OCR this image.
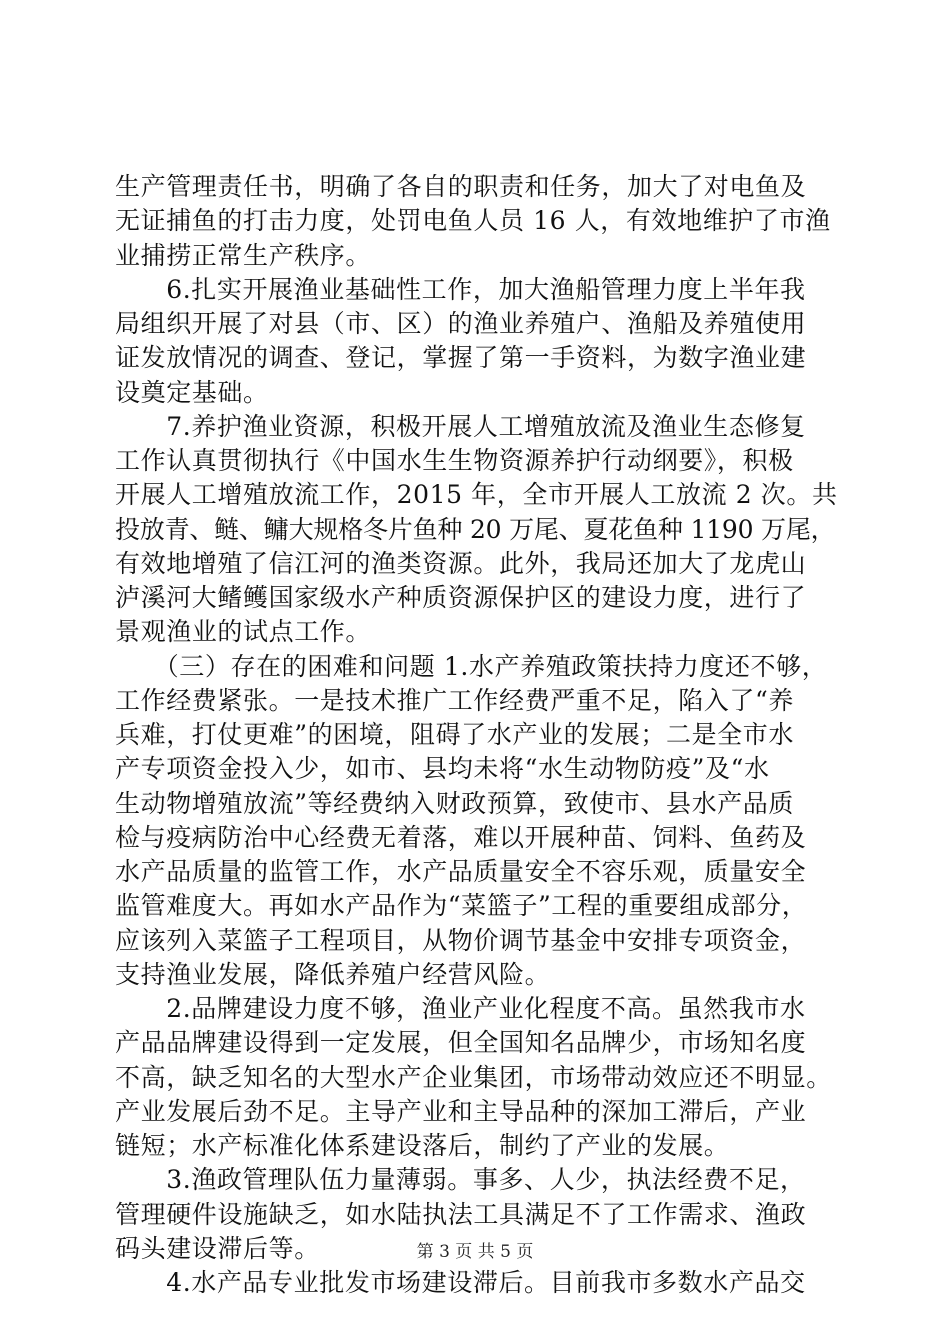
生产管理责任书，明确了各自的职责和任务，加大了对电鱼及
无证捕鱼的打击力度，处罚电鱼人员 16 人，有效地维护了市渔
业捕捞正常生产秩序。
　　6.扎实开展渔业基础性工作，加大渔船管理力度上半年我
局组织开展了对县（市、区）的渔业养殖户、渔船及养殖使用
证发放情况的调查、登记，掌握了第一手资料，为数字渔业建
设奠定基础。
　　7.养护渔业资源，积极开展人工增殖放流及渔业生态修复
工作认真贯彻执行《中国水生生物资源养护行动纲要》，积极
开展人工增殖放流工作，2015 年，全市开展人工放流 2 次。共
投放青、鲢、鳙大规格冬片鱼种 20 万尾、夏花鱼种 1190 万尾，
有效地增殖了信江河的渔类资源。此外，我局还加大了龙虎山
泸溪河大鳍鳠国家级水产种质资源保护区的建设力度，进行了
景观渔业的试点工作。
　　（三）存在的困难和问题 1.水产养殖政策扶持力度还不够，
工作经费紧张。一是技术推广工作经费严重不足，陷入了“养
兵难，打仗更难”的困境，阻碍了水产业的发展；二是全市水
产专项资金投入少，如市、县均未将“水生动物防疫”及“水
生动物增殖放流”等经费纳入财政预算，致使市、县水产品质
检与疫病防治中心经费无着落，难以开展种苗、饲料、鱼药及
水产品质量的监管工作，水产品质量安全不容乐观，质量安全
监管难度大。再如水产品作为“菜篮子”工程的重要组成部分，
应该列入菜篮子工程项目，从物价调节基金中安排专项资金，
支持渔业发展，降低养殖户经营风险。
　　2.品牌建设力度不够，渔业产业化程度不高。虽然我市水
产品品牌建设得到一定发展，但全国知名品牌少，市场知名度
不高，缺乏知名的大型水产企业集团，市场带动效应还不明显。
产业发展后劲不足。主导产业和主导品种的深加工滞后，产业
链短；水产标准化体系建设落后，制约了产业的发展。
　　3.渔政管理队伍力量薄弱。事多、人少，执法经费不足，
管理硬件设施缺乏，如水陆执法工具满足不了工作需求、渔政
码头建设滞后等。
　　4.水产品专业批发市场建设滞后。目前我市多数水产品交
第 3 页 共 5 页
